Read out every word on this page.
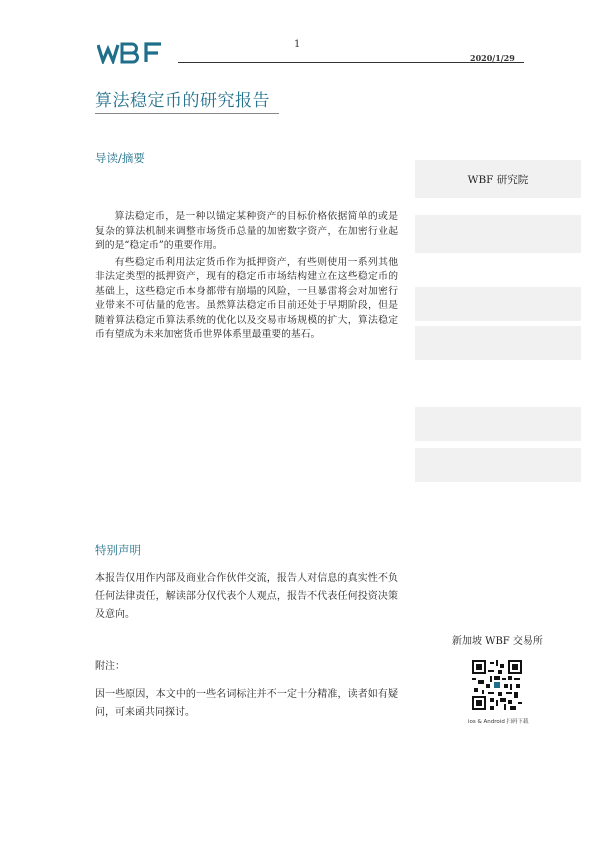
WBF	1
2020/1/29
算法稳定币的研究报告
导读/摘要

算法稳定币，是一种以锚定某种资产的目标价格依据简单的或是复杂的算法机制来调整市场货币总量的加密数字资产，在加密行业起到的是“稳定币”的重要作用。

有些稳定币利用法定货币作为抵押资产，有些则使用一系列其他非法定类型的抵押资产，现有的稳定币市场结构建立在这些稳定币的基础上，这些稳定币本身都带有崩塌的风险，一旦暴雷将会对加密行业带来不可估量的危害。虽然算法稳定币目前还处于早期阶段，但是随着算法稳定币算法系统的优化以及交易市场规模的扩大，算法稳定币有望成为未来加密货币世界体系里最重要的基石。

WBF 研究院
特别声明

本报告仅用作内部及商业合作伙伴交流，报告人对信息的真实性不负任何法律责任，解读部分仅代表个人观点，报告不代表任何投资决策及意向。

附注：

因一些原因，本文中的一些名词标注并不一定十分精准，读者如有疑问，可来函共同探讨。

新加坡 WBF 交易所
ios & Android 扫码下载
